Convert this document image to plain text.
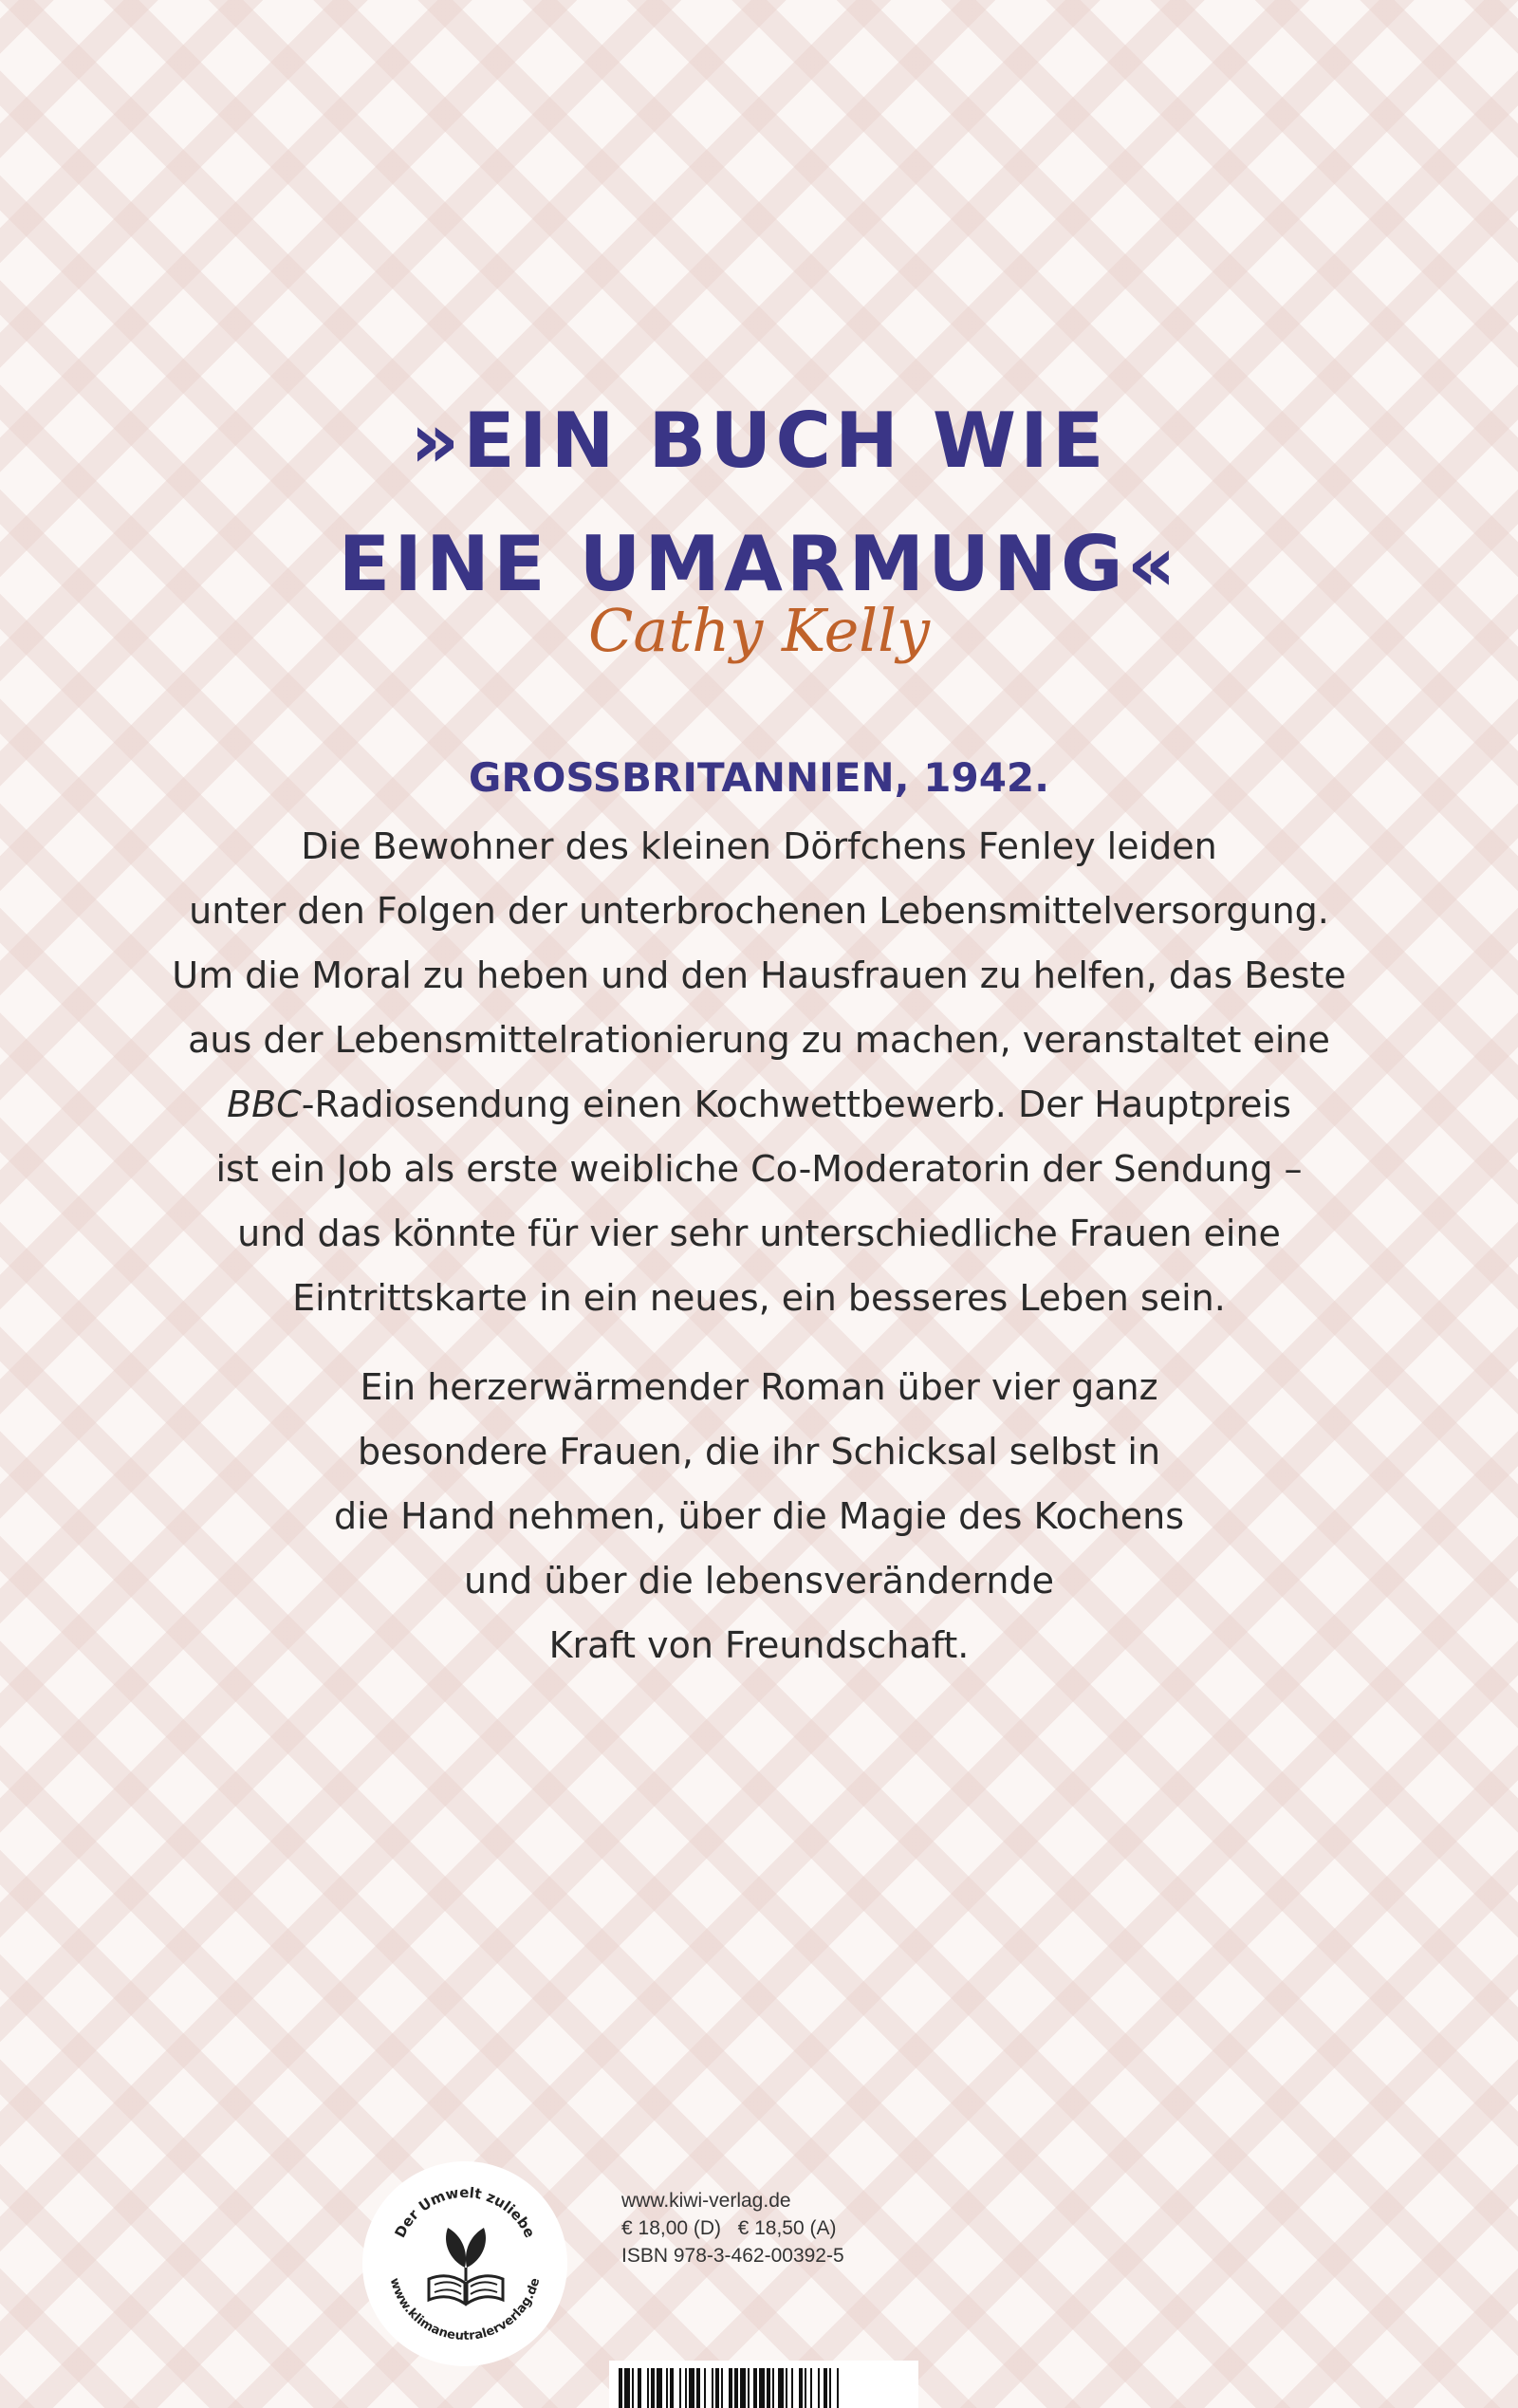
»EIN BUCH WIE
EINE UMARMUNG«
Cathy Kelly
GROSSBRITANNIEN, 1942.
Die Bewohner des kleinen Dörfchens Fenley leiden
unter den Folgen der unterbrochenen Lebensmittelversorgung.
Um die Moral zu heben und den Hausfrauen zu helfen, das Beste
aus der Lebensmittelrationierung zu machen, veranstaltet eine
BBC-Radiosendung einen Kochwettbewerb. Der Hauptpreis
ist ein Job als erste weibliche Co-Moderatorin der Sendung –
und das könnte für vier sehr unterschiedliche Frauen eine
Eintrittskarte in ein neues, ein besseres Leben sein.
Ein herzerwärmender Roman über vier ganz
besondere Frauen, die ihr Schicksal selbst in
die Hand nehmen, über die Magie des Kochens
und über die lebensverändernde
Kraft von Freundschaft.
Der Umwelt zuliebe
www.klimaneutralerverlag.de
www.kiwi-verlag.de
€ 18,00 (D) € 18,50 (A)
ISBN 978-3-462-00392-5
